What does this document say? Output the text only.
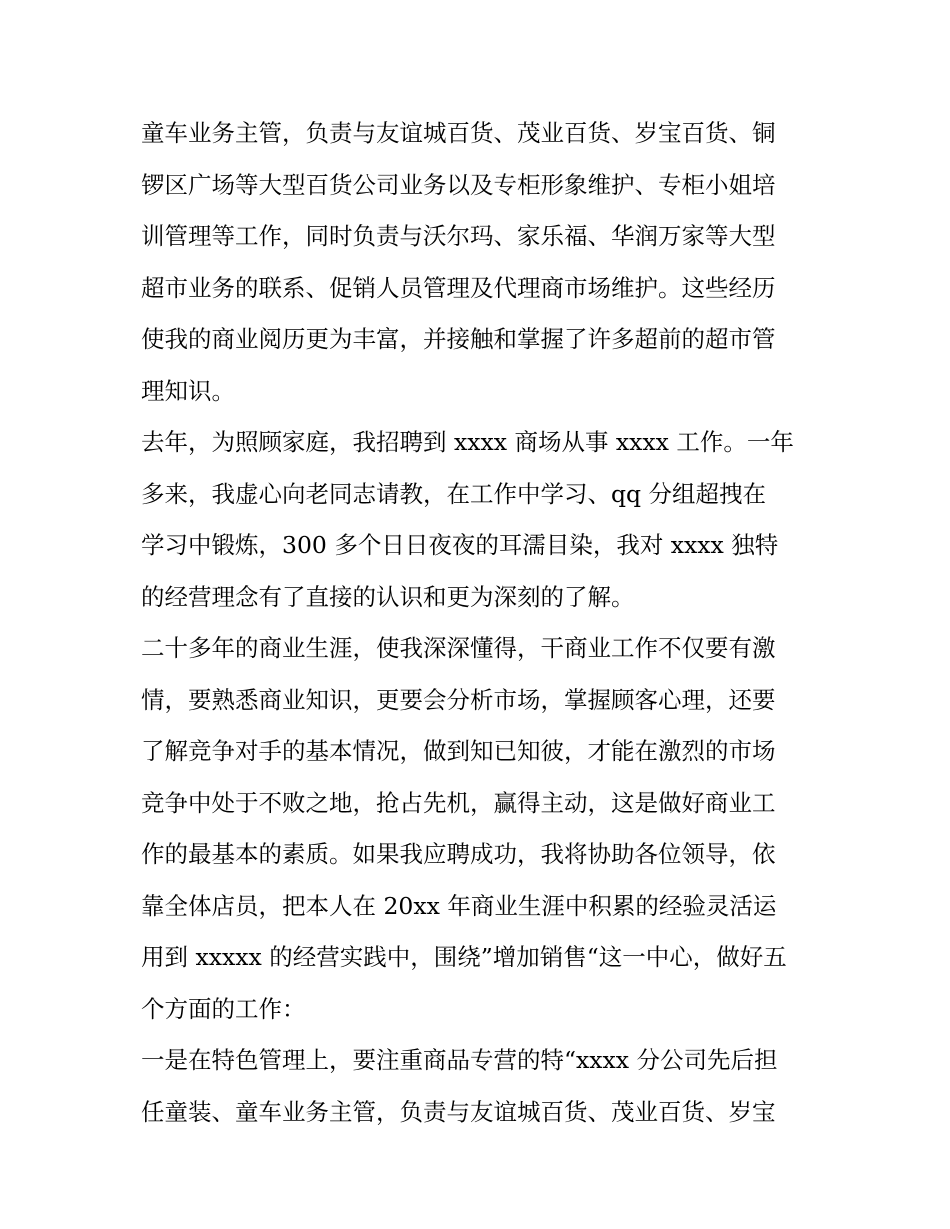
童车业务主管，负责与友谊城百货、茂业百货、岁宝百货、铜
锣区广场等大型百货公司业务以及专柜形象维护、专柜小姐培
训管理等工作，同时负责与沃尔玛、家乐福、华润万家等大型
超市业务的联系、促销人员管理及代理商市场维护。这些经历
使我的商业阅历更为丰富，并接触和掌握了许多超前的超市管
理知识。

去年，为照顾家庭，我招聘到 xxxx 商场从事 xxxx 工作。一年
多来，我虚心向老同志请教，在工作中学习、qq 分组超拽在
学习中锻炼，300 多个日日夜夜的耳濡目染，我对 xxxx 独特
的经营理念有了直接的认识和更为深刻的了解。

二十多年的商业生涯，使我深深懂得，干商业工作不仅要有激
情，要熟悉商业知识，更要会分析市场，掌握顾客心理，还要
了解竞争对手的基本情况，做到知已知彼，才能在激烈的市场
竞争中处于不败之地，抢占先机，赢得主动，这是做好商业工
作的最基本的素质。如果我应聘成功，我将协助各位领导，依
靠全体店员，把本人在 20xx 年商业生涯中积累的经验灵活运
用到 xxxxx 的经营实践中，围绕”增加销售“这一中心，做好五
个方面的工作：

一是在特色管理上，要注重商品专营的特“xxxx 分公司先后担
任童装、童车业务主管，负责与友谊城百货、茂业百货、岁宝
